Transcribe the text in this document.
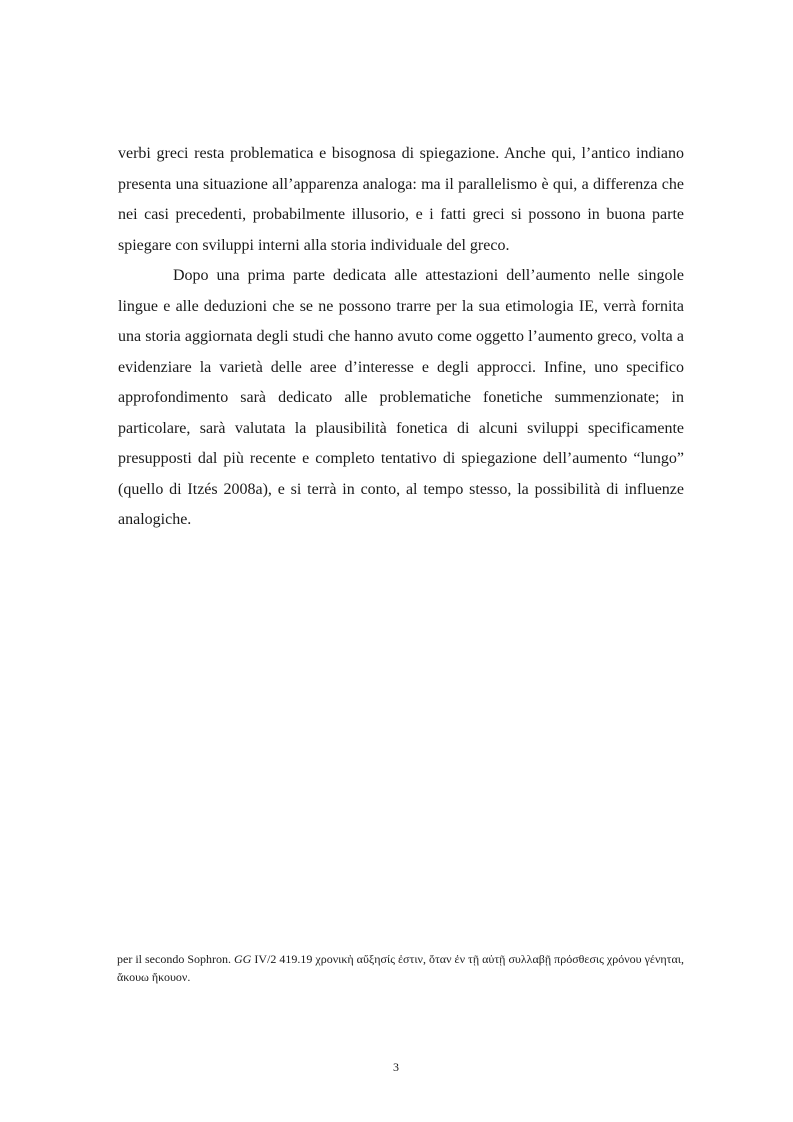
verbi greci resta problematica e bisognosa di spiegazione. Anche qui, l’antico indiano presenta una situazione all’apparenza analoga: ma il parallelismo è qui, a differenza che nei casi precedenti, probabilmente illusorio, e i fatti greci si possono in buona parte spiegare con sviluppi interni alla storia individuale del greco.

Dopo una prima parte dedicata alle attestazioni dell’aumento nelle singole lingue e alle deduzioni che se ne possono trarre per la sua etimologia IE, verrà fornita una storia aggiornata degli studi che hanno avuto come oggetto l’aumento greco, volta a evidenziare la varietà delle aree d’interesse e degli approcci. Infine, uno specifico approfondimento sarà dedicato alle problematiche fonetiche summenzionate; in particolare, sarà valutata la plausibilità fonetica di alcuni sviluppi specificamente presupposti dal più recente e completo tentativo di spiegazione dell’aumento “lungo” (quello di Itzés 2008a), e si terrà in conto, al tempo stesso, la possibilità di influenze analogiche.

per il secondo Sophron. GG IV/2 419.19 χρονικὴ αὔξησίς ἐστιν, ὅταν ἐν τῇ αὐτῇ συλλαβῇ πρόσθεσις χρόνου γένηται, ἄκουω ἤκουον.

3
